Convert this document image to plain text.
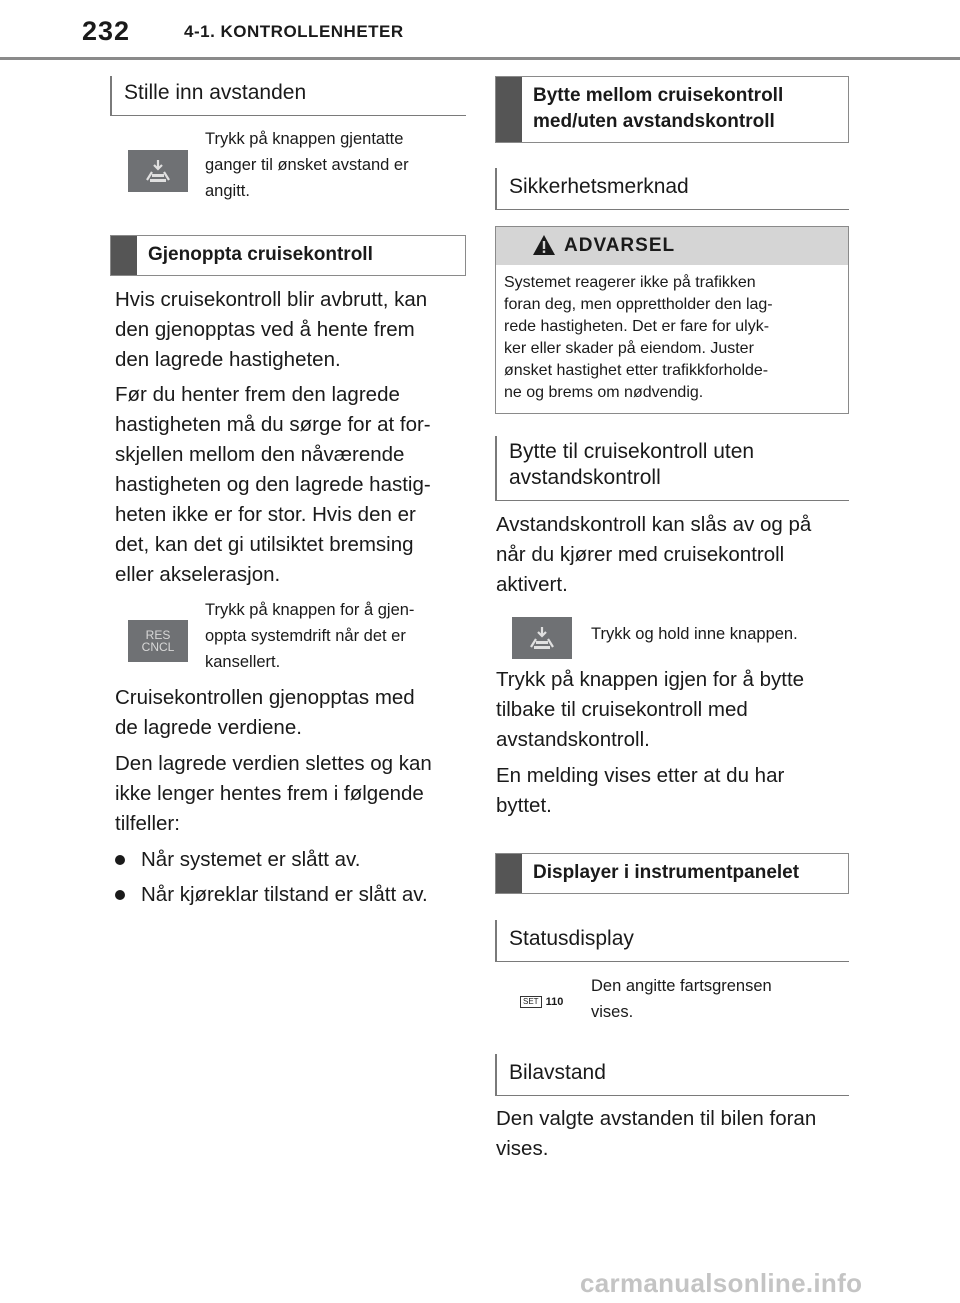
232	4-1. KONTROLLENHETER
Stille inn avstanden
Trykk på knappen gjentatte
ganger til ønsket avstand er
angitt.
Gjenoppta cruisekontroll
Hvis cruisekontroll blir avbrutt, kan
den gjenopptas ved å hente frem
den lagrede hastigheten.
Før du henter frem den lagrede
hastigheten må du sørge for at for-
skjellen mellom den nåværende
hastigheten og den lagrede hastig-
heten ikke er for stor. Hvis den er
det, kan det gi utilsiktet bremsing
eller akselerasjon.
RES
CNCL
Trykk på knappen for å gjen-
oppta systemdrift når det er
kansellert.
Cruisekontrollen gjenopptas med
de lagrede verdiene.
Den lagrede verdien slettes og kan
ikke lenger hentes frem i følgende
tilfeller:
Når systemet er slått av.
Når kjøreklar tilstand er slått av.
Bytte mellom cruisekontroll
med/uten avstandskontroll
Sikkerhetsmerknad
ADVARSEL
Systemet reagerer ikke på trafikken
foran deg, men opprettholder den lag-
rede hastigheten. Det er fare for ulyk-
ker eller skader på eiendom. Juster
ønsket hastighet etter trafikkforholde-
ne og brems om nødvendig.
Bytte til cruisekontroll uten
avstandskontroll
Avstandskontroll kan slås av og på
når du kjører med cruisekontroll
aktivert.
Trykk og hold inne knappen.
Trykk på knappen igjen for å bytte
tilbake til cruisekontroll med
avstandskontroll.
En melding vises etter at du har
byttet.
Displayer i instrumentpanelet
Statusdisplay
SET 110
Den angitte fartsgrensen
vises.
Bilavstand
Den valgte avstanden til bilen foran
vises.
carmanualsonline.info
